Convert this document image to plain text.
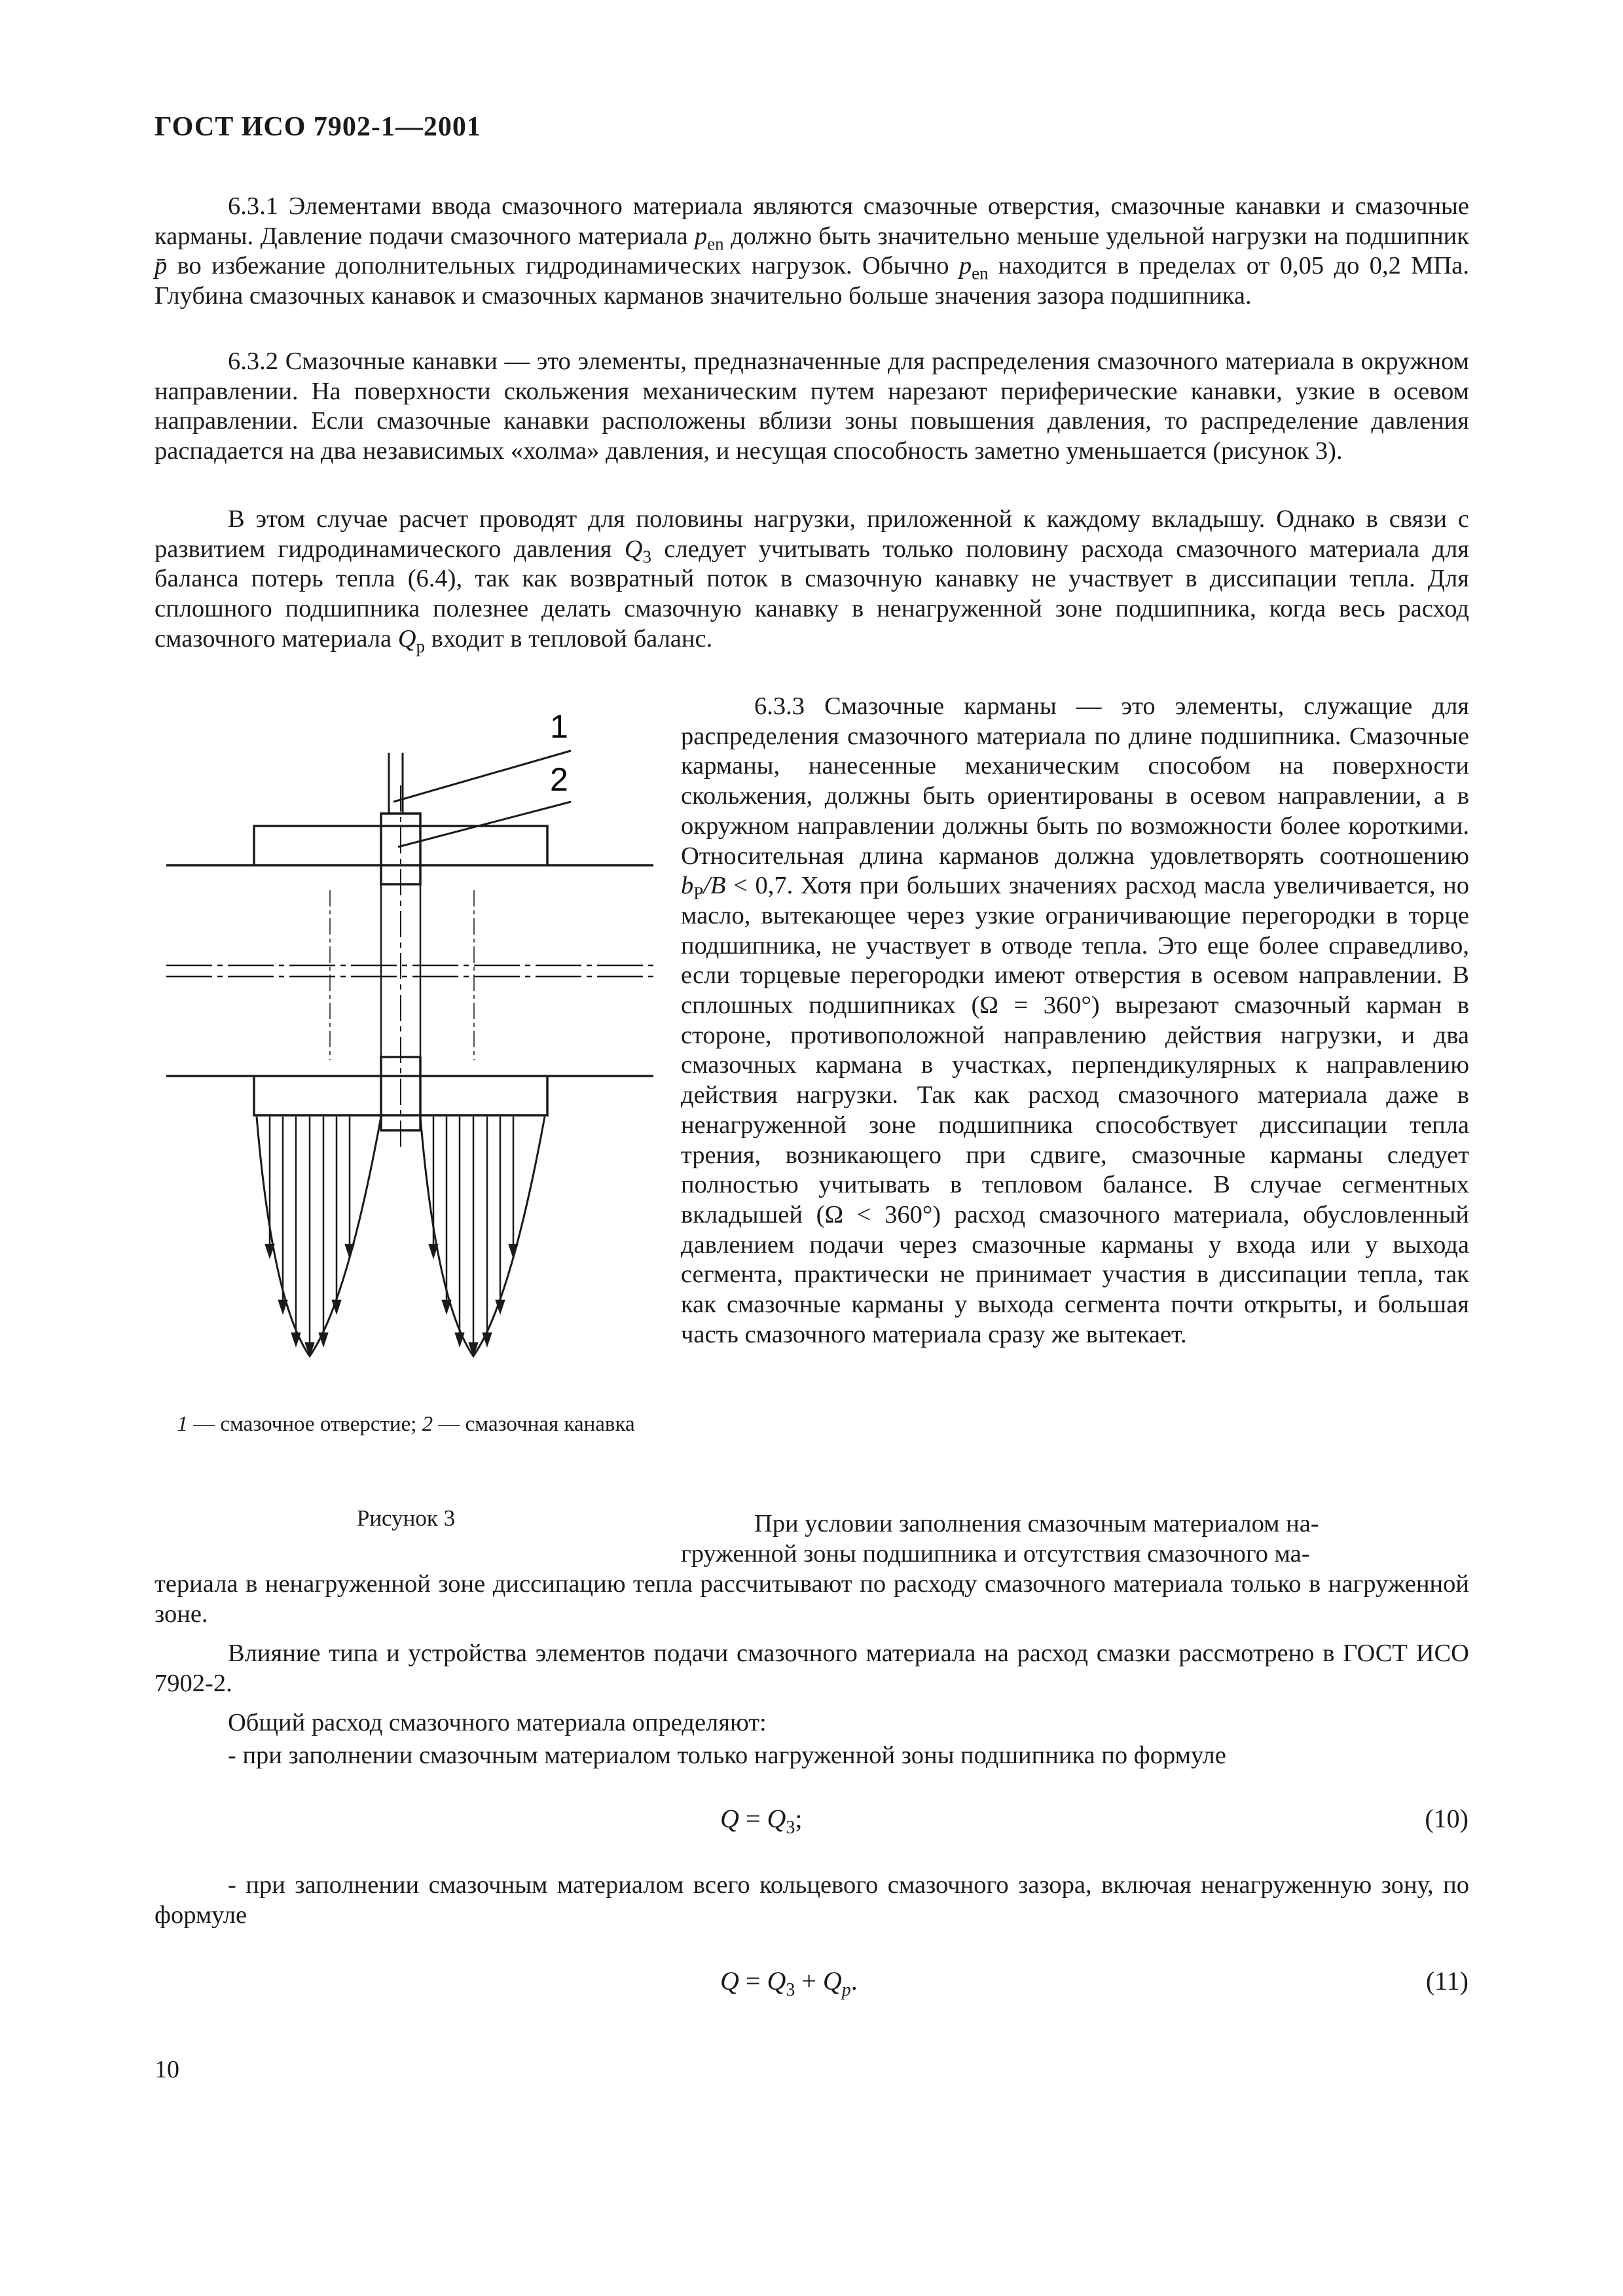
ГОСТ ИСО 7902-1—2001

6.3.1 Элементами ввода смазочного материала являются смазочные отверстия, смазочные канавки и смазочные карманы. Давление подачи смазочного материала $p_{en}$ должно быть значительно меньше удельной нагрузки на подшипник p̄ во избежание дополнительных гидродинамических нагрузок. Обычно $p_{en}$ находится в пределах от 0,05 до 0,2 МПа. Глубина смазочных канавок и смазочных карманов значительно больше значения зазора подшипника.

6.3.2 Смазочные канавки — это элементы, предназначенные для распределения смазочного материала в окружном направлении. На поверхности скольжения механическим путем нарезают периферические канавки, узкие в осевом направлении. Если смазочные канавки расположены вблизи зоны повышения давления, то распределение давления распадается на два независимых «холма» давления, и несущая способность заметно уменьшается (рисунок 3).

В этом случае расчет проводят для половины нагрузки, приложенной к каждому вкладышу. Однако в связи с развитием гидродинамического давления $Q_3$ следует учитывать только половину расхода смазочного материала для баланса потерь тепла (6.4), так как возвратный поток в смазочную канавку не участвует в диссипации тепла. Для сплошного подшипника полезнее делать смазочную канавку в ненагруженной зоне подшипника, когда весь расход смазочного материала $Q_p$ входит в тепловой баланс.

1
2
1 — смазочное отверстие; 2 — смазочная канавка
Рисунок 3

6.3.3 Смазочные карманы — это элементы, служащие для распределения смазочного материала по длине подшипника. Смазочные карманы, нанесенные механическим способом на поверхности скольжения, должны быть ориентированы в осевом направлении, а в окружном направлении должны быть по возможности более короткими. Относительная длина карманов должна удовлетворять соотношению $b_P/B < 0,7$. Хотя при больших значениях расход масла увеличивается, но масло, вытекающее через узкие ограничивающие перегородки в торце подшипника, не участвует в отводе тепла. Это еще более справедливо, если торцевые перегородки имеют отверстия в осевом направлении. В сплошных подшипниках (Ω = 360°) вырезают смазочный карман в стороне, противоположной направлению действия нагрузки, и два смазочных кармана в участках, перпендикулярных к направлению действия нагрузки. Так как расход смазочного материала даже в ненагруженной зоне подшипника способствует диссипации тепла трения, возникающего при сдвиге, смазочные карманы следует полностью учитывать в тепловом балансе. В случае сегментных вкладышей (Ω < 360°) расход смазочного материала, обусловленный давлением подачи через смазочные карманы у входа или у выхода сегмента, практически не принимает участия в диссипации тепла, так как смазочные карманы у выхода сегмента почти открыты, и большая часть смазочного материала сразу же вытекает.

При условии заполнения смазочным материалом на-

груженной зоны подшипника и отсутствия смазочного ма-

териала в ненагруженной зоне диссипацию тепла рассчитывают по расходу смазочного материала только в нагруженной зоне.

Влияние типа и устройства элементов подачи смазочного материала на расход смазки рассмотрено в ГОСТ ИСО 7902-2.

Общий расход смазочного материала определяют:

- при заполнении смазочным материалом только нагруженной зоны подшипника по формуле

$Q = Q_3$;	(10)

- при заполнении смазочным материалом всего кольцевого смазочного зазора, включая ненагруженную зону, по формуле

$Q = Q_3 + Q_p$.	(11)
10
